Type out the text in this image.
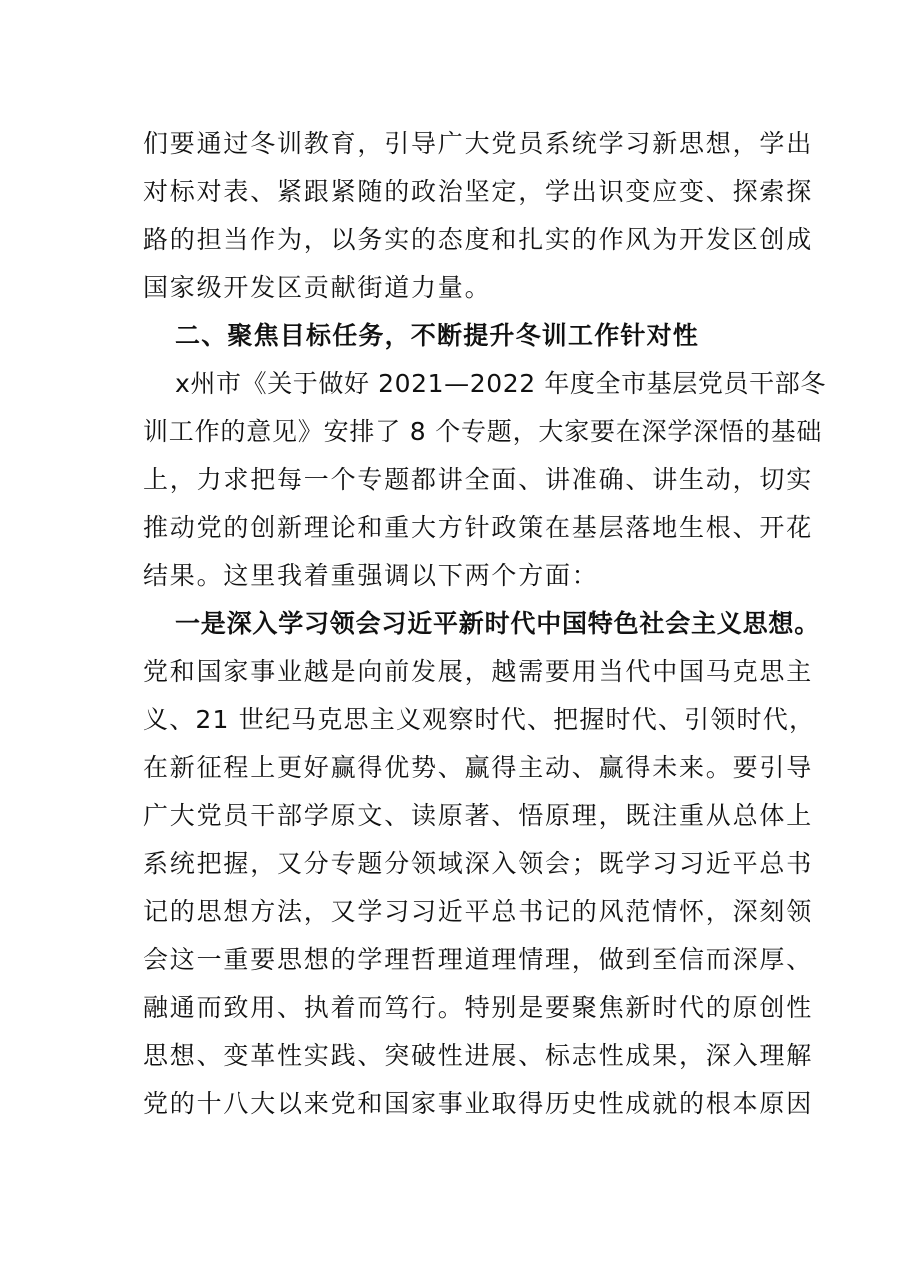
们要通过冬训教育，引导广大党员系统学习新思想，学出
对标对表、紧跟紧随的政治坚定，学出识变应变、探索探
路的担当作为，以务实的态度和扎实的作风为开发区创成
国家级开发区贡献街道力量。
二、聚焦目标任务，不断提升冬训工作针对性
x州市《关于做好 2021—2022 年度全市基层党员干部冬
训工作的意见》安排了 8 个专题，大家要在深学深悟的基础
上，力求把每一个专题都讲全面、讲准确、讲生动，切实
推动党的创新理论和重大方针政策在基层落地生根、开花
结果。这里我着重强调以下两个方面：
一是深入学习领会习近平新时代中国特色社会主义思想。
党和国家事业越是向前发展，越需要用当代中国马克思主
义、21 世纪马克思主义观察时代、把握时代、引领时代，
在新征程上更好赢得优势、赢得主动、赢得未来。要引导
广大党员干部学原文、读原著、悟原理，既注重从总体上
系统把握，又分专题分领域深入领会；既学习习近平总书
记的思想方法，又学习习近平总书记的风范情怀，深刻领
会这一重要思想的学理哲理道理情理，做到至信而深厚、
融通而致用、执着而笃行。特别是要聚焦新时代的原创性
思想、变革性实践、突破性进展、标志性成果，深入理解
党的十八大以来党和国家事业取得历史性成就的根本原因
